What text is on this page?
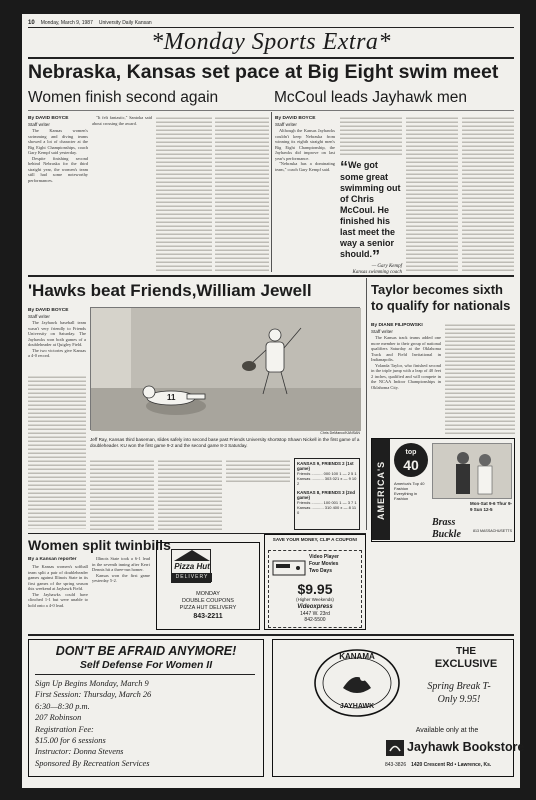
10 Monday, March 9, 1987 University Daily Kansan
*Monday Sports Extra*
Nebraska, Kansas set pace at Big Eight swim meet
Women finish second again	McCoul leads Jayhawk men
By DAVID BOYCE
Staff writer

The Kansas women's swimming and diving teams showed a lot of character at the Big Eight Championships, coach Gary Kempf said yesterday.

Despite finishing second behind Nebraska for the third straight year, the women's team still had some noteworthy performances.

"It felt fantastic," Santoka said about crossing the award.

By DAVID BOYCE
Staff writer

Although the Kansas Jayhawks couldn't keep Nebraska from winning its eighth straight men's Big Eight Championship, the Jayhawks did improve on last year's performance.

"Nebraska has a dominating team," coach Gary Kempf said. “We got some great swimming out of Chris McCoul. He finished his last meet the way a senior should.”
— Gary Kempf
Kansas swimming coach
'Hawks beat Friends,William Jewell
By DAVID BOYCE
Staff writer

The Jayhawk baseball team wasn't very friendly to Friends University on Saturday. The Jayhawks won both games of a doubleheader at Quigley Field.

The two victories give Kansas a 4-0 record.

11
Chris DeMarco/KANSAN
Jeff Ray, Kansas third baseman, slides safely into second base past Friends University shortstop Shawn Nickell in the first game of a doubleheader. KU won the first game 9-2 and the second game 8-3 Saturday.
KANSAS 9, FRIENDS 2 (1st game)
Friends .......... 000 100 1 — 2 5 1
Kansas ........... 303 021 x — 9 10 2
KANSAS 8, FRIENDS 3 (2nd game)
Friends .......... 100 001 1 — 3 7 1
Kansas ........... 310 400 x — 8 11 0
Taylor becomes sixth to qualify for nationals
By DIANE FILIPOWSKI
Staff writer

The Kansas track teams added one more member to their group of national qualifiers Saturday at the Oklahoma Track and Field Invitational in Indianapolis.

Yolanda Taylor, who finished second in the triple jump with a leap of 40 feet 2 inches, qualified and will compete in the NCAA Indoor Championships in Oklahoma City.

AMERICA'S
top
40
America's Top 40 Fashion Everything in Fashion
Mon-Sat 9-6 Thur 9-9 Sun 12-5
Brass Buckle	813 MASSACHUSETTS
Women split twinbills
By a Kansan reporter

The Kansas women's softball team split a pair of doubleheader games against Illinois State in its first games of the spring season this weekend at Jayhawk Field.

The Jayhawks could have clinched 1-1 but were unable to hold onto a 4-0 lead.

Illinois State took a 6-1 lead in the seventh inning after Kerri Dennis hit a three-run homer.

Kansas won the first game yesterday 5-2.

Pizza Hut
DELIVERY
MONDAY
DOUBLE COUPONS
PIZZA HUT DELIVERY
843-2211
SAVE YOUR MONEY, CLIP A COUPON!
Video Player
Four Movies
Two Days
$9.95
(Higher Weekends)
Videoxpress
1447 W. 23rd
842-5500
DON'T BE AFRAID ANYMORE!
Self Defense For Women II
Sign Up Begins Monday, March 9
First Session: Thursday, March 26
6:30—8:30 p.m.
207 Robinson
Registration Fee:
$15.00 for 6 sessions
Instructor: Donna Stevens
Sponsored By Recreation Services
THE
EXCLUSIVE
Spring Break T-
Only 9.95!
KANAMA
JAYHAWK
Available only at the
Jayhawk Bookstore
843-3826 1420 Crescent Rd • Lawrence, Ks.
